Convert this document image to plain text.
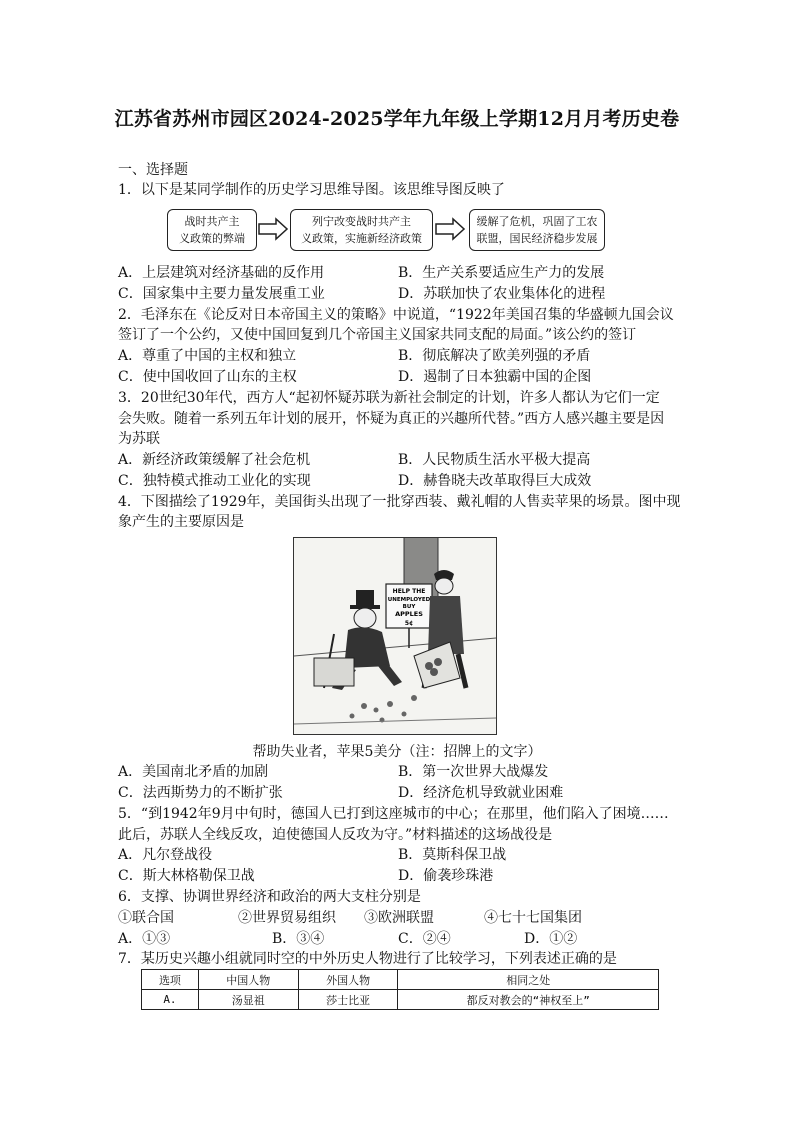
江苏省苏州市园区2024-2025学年九年级上学期12月月考历史卷
一、选择题
1．以下是某同学制作的历史学习思维导图。该思维导图反映了
战时共产主
义政策的弊端
列宁改变战时共产主
义政策，实施新经济政策
缓解了危机，巩固了工农
联盟，国民经济稳步发展
A．上层建筑对经济基础的反作用	B．生产关系要适应生产力的发展
C．国家集中主要力量发展重工业	D．苏联加快了农业集体化的进程
2．毛泽东在《论反对日本帝国主义的策略》中说道，“1922年美国召集的华盛顿九国会议
签订了一个公约，又使中国回复到几个帝国主义国家共同支配的局面。”该公约的签订
A．尊重了中国的主权和独立	B．彻底解决了欧美列强的矛盾
C．使中国收回了山东的主权	D．遏制了日本独霸中国的企图
3．20世纪30年代，西方人“起初怀疑苏联为新社会制定的计划，许多人都认为它们一定
会失败。随着一系列五年计划的展开，怀疑为真正的兴趣所代替。”西方人感兴趣主要是因
为苏联
A．新经济政策缓解了社会危机	B．人民物质生活水平极大提高
C．独特模式推动工业化的实现	D．赫鲁晓夫改革取得巨大成效
4．下图描绘了1929年，美国街头出现了一批穿西装、戴礼帽的人售卖苹果的场景。图中现
象产生的主要原因是
HELP THE
UNEMPLOYED
BUY
APPLES
5¢
帮助失业者，苹果5美分（注：招牌上的文字）
A．美国南北矛盾的加剧	B．第一次世界大战爆发
C．法西斯势力的不断扩张	D．经济危机导致就业困难
5．“到1942年9月中旬时，德国人已打到这座城市的中心；在那里，他们陷入了困境……
此后，苏联人全线反攻，迫使德国人反攻为守。”材料描述的这场战役是
A．凡尔登战役	B．莫斯科保卫战
C．斯大林格勒保卫战	D．偷袭珍珠港
6．支撑、协调世界经济和政治的两大支柱分别是
①联合国	②世界贸易组织 ③欧洲联盟	④七十七国集团
A．①③	B．③④	C．②④	D．①②
7．某历史兴趣小组就同时空的中外历史人物进行了比较学习，下列表述正确的是
选项	中国人物	外国人物	相同之处
A.	汤显祖	莎士比亚	都反对教会的“神权至上”
